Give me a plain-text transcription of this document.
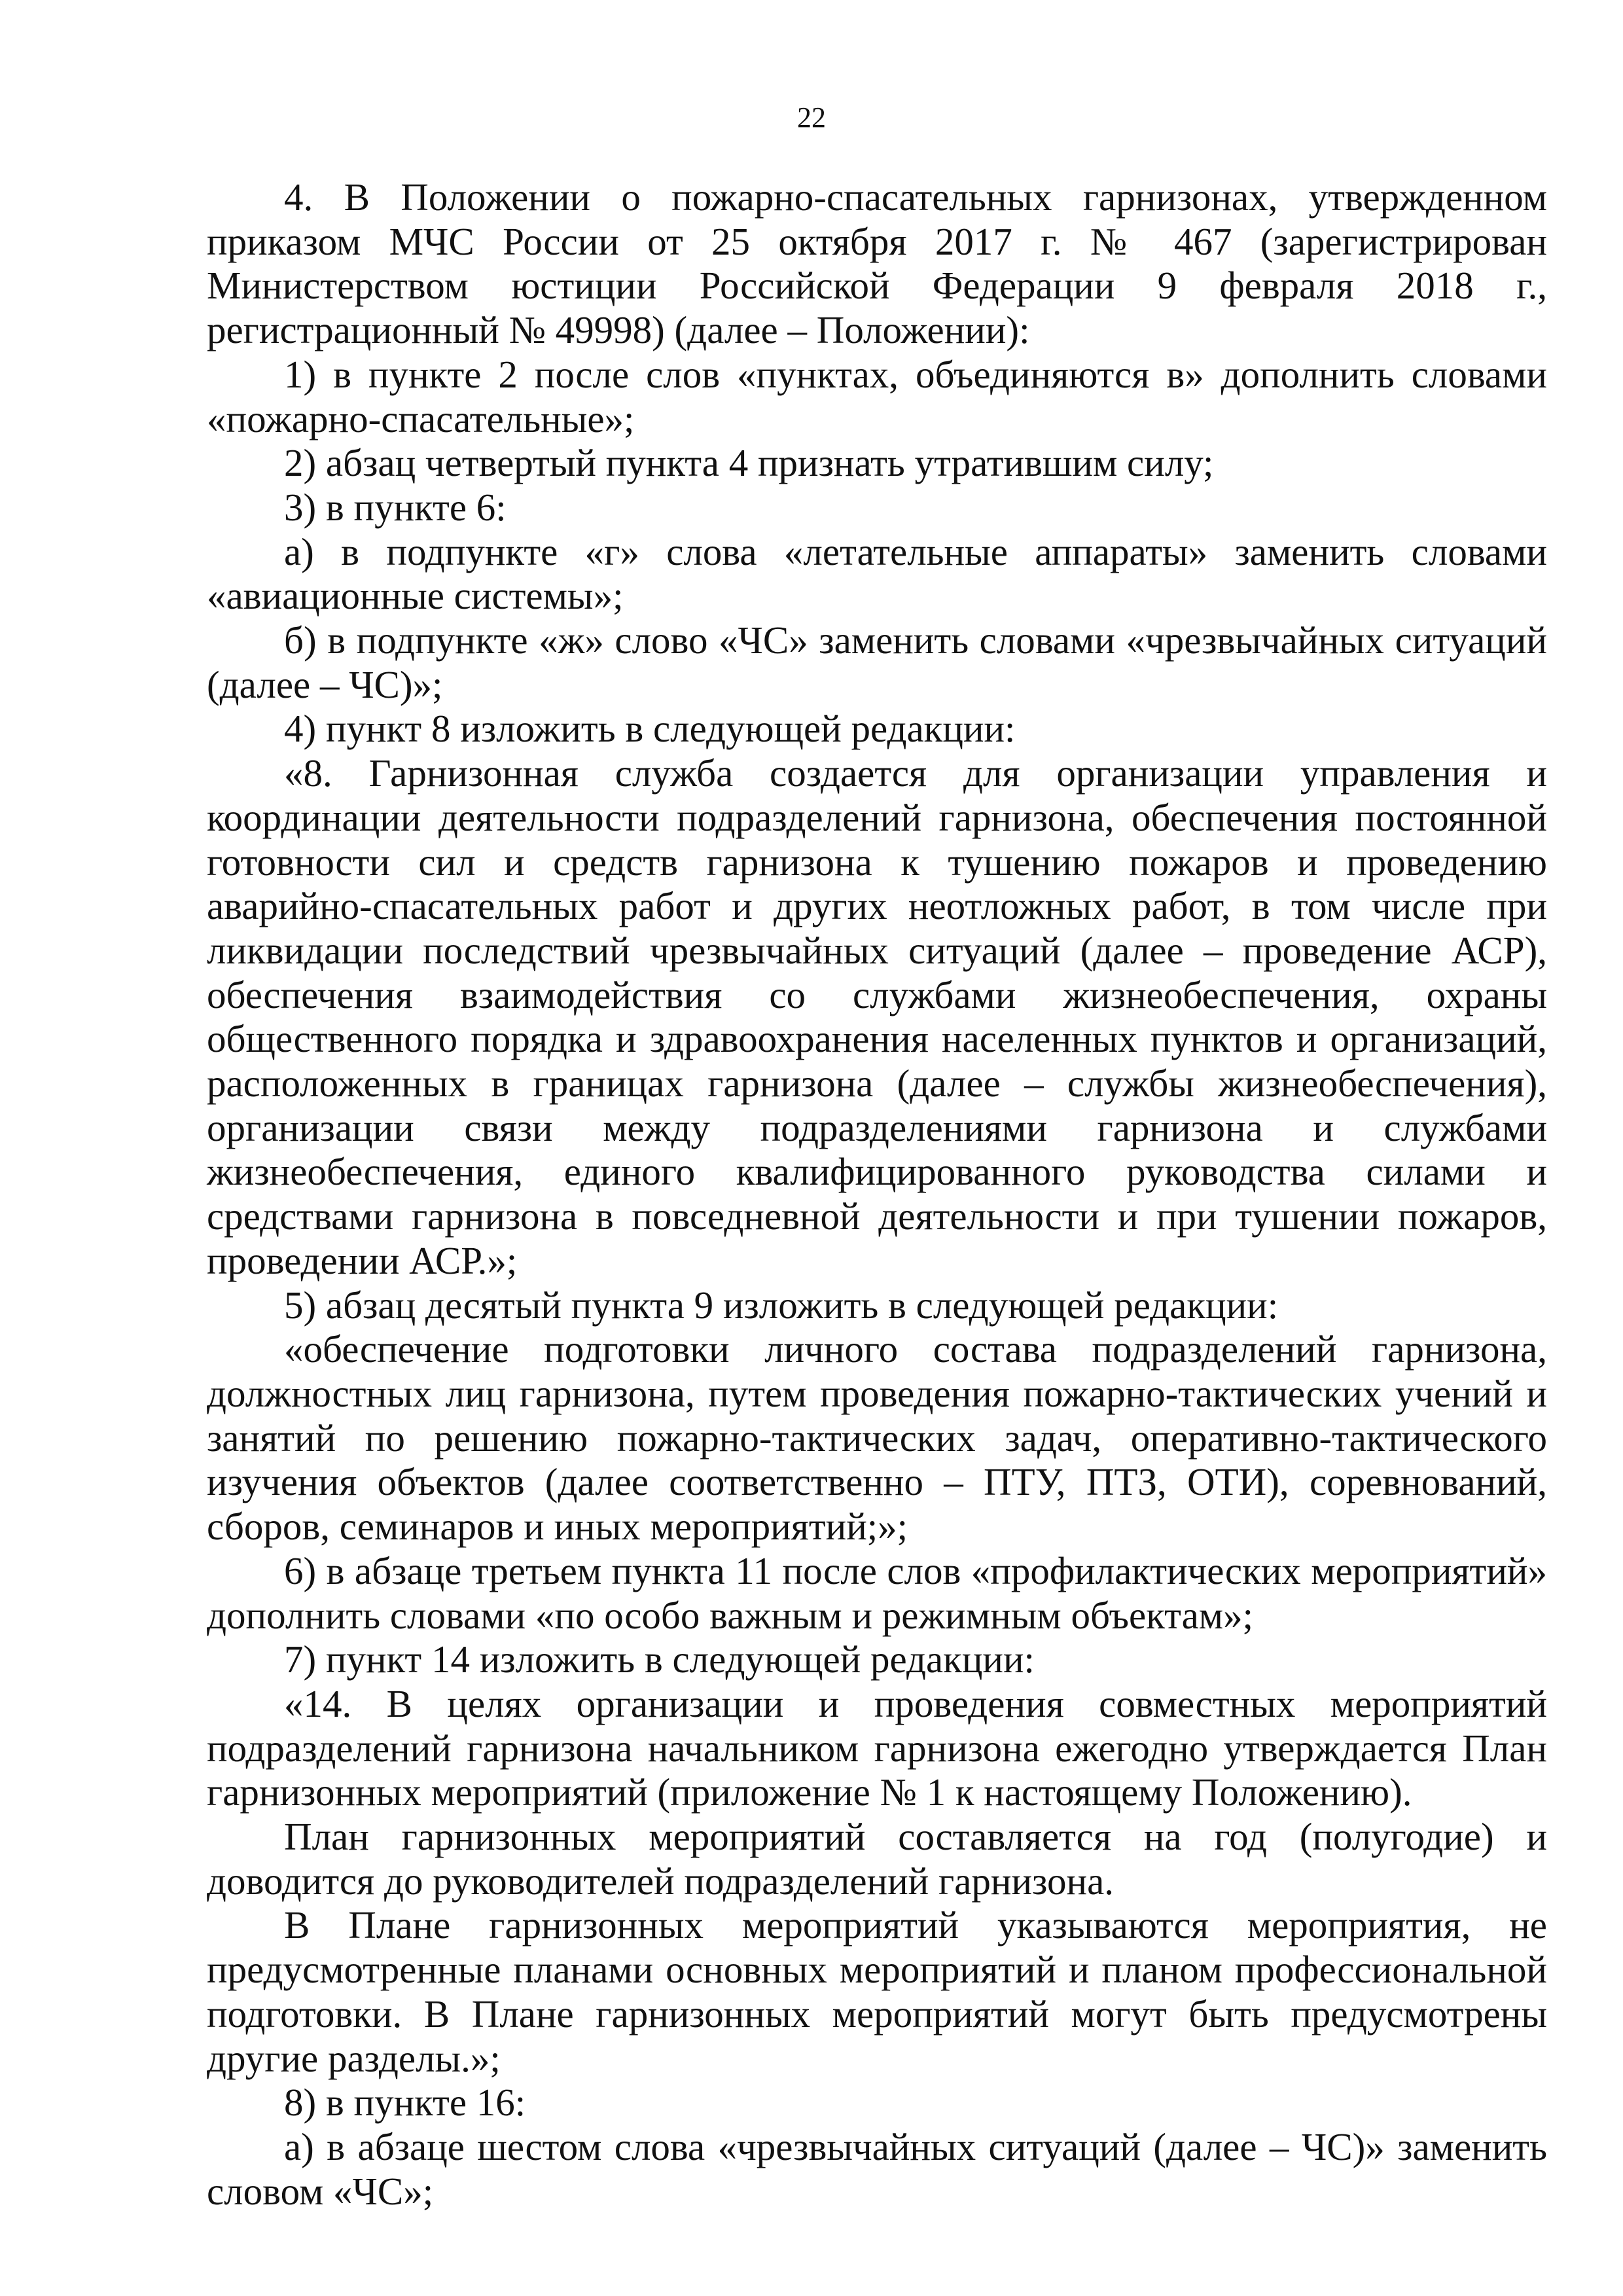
22

4. В Положении о пожарно-спасательных гарнизонах, утвержденном приказом МЧС России от 25 октября 2017 г. № 467 (зарегистрирован Министерством юстиции Российской Федерации 9 февраля 2018 г., регистрационный № 49998) (далее – Положении):

1) в пункте 2 после слов «пунктах, объединяются в» дополнить словами «пожарно-спасательные»;

2) абзац четвертый пункта 4 признать утратившим силу;

3) в пункте 6:

а) в подпункте «г» слова «летательные аппараты» заменить словами «авиационные системы»;

б) в подпункте «ж» слово «ЧС» заменить словами «чрезвычайных ситуаций (далее – ЧС)»;

4) пункт 8 изложить в следующей редакции:

«8. Гарнизонная служба создается для организации управления и координации деятельности подразделений гарнизона, обеспечения постоянной готовности сил и средств гарнизона к тушению пожаров и проведению аварийно-спасательных работ и других неотложных работ, в том числе при ликвидации последствий чрезвычайных ситуаций (далее – проведение АСР), обеспечения взаимодействия со службами жизнеобеспечения, охраны общественного порядка и здравоохранения населенных пунктов и организаций, расположенных в границах гарнизона (далее – службы жизнеобеспечения), организации связи между подразделениями гарнизона и службами жизнеобеспечения, единого квалифицированного руководства силами и средствами гарнизона в повседневной деятельности и при тушении пожаров, проведении АСР.»;

5) абзац десятый пункта 9 изложить в следующей редакции:

«обеспечение подготовки личного состава подразделений гарнизона, должностных лиц гарнизона, путем проведения пожарно-тактических учений и занятий по решению пожарно-тактических задач, оперативно-тактического изучения объектов (далее соответственно – ПТУ, ПТЗ, ОТИ), соревнований, сборов, семинаров и иных мероприятий;»;

6) в абзаце третьем пункта 11 после слов «профилактических мероприятий» дополнить словами «по особо важным и режимным объектам»;

7) пункт 14 изложить в следующей редакции:

«14. В целях организации и проведения совместных мероприятий подразделений гарнизона начальником гарнизона ежегодно утверждается План гарнизонных мероприятий (приложение № 1 к настоящему Положению).

План гарнизонных мероприятий составляется на год (полугодие) и доводится до руководителей подразделений гарнизона.

В Плане гарнизонных мероприятий указываются мероприятия, не предусмотренные планами основных мероприятий и планом профессиональной подготовки. В Плане гарнизонных мероприятий могут быть предусмотрены другие разделы.»;

8) в пункте 16:

а) в абзаце шестом слова «чрезвычайных ситуаций (далее – ЧС)» заменить словом «ЧС»;
